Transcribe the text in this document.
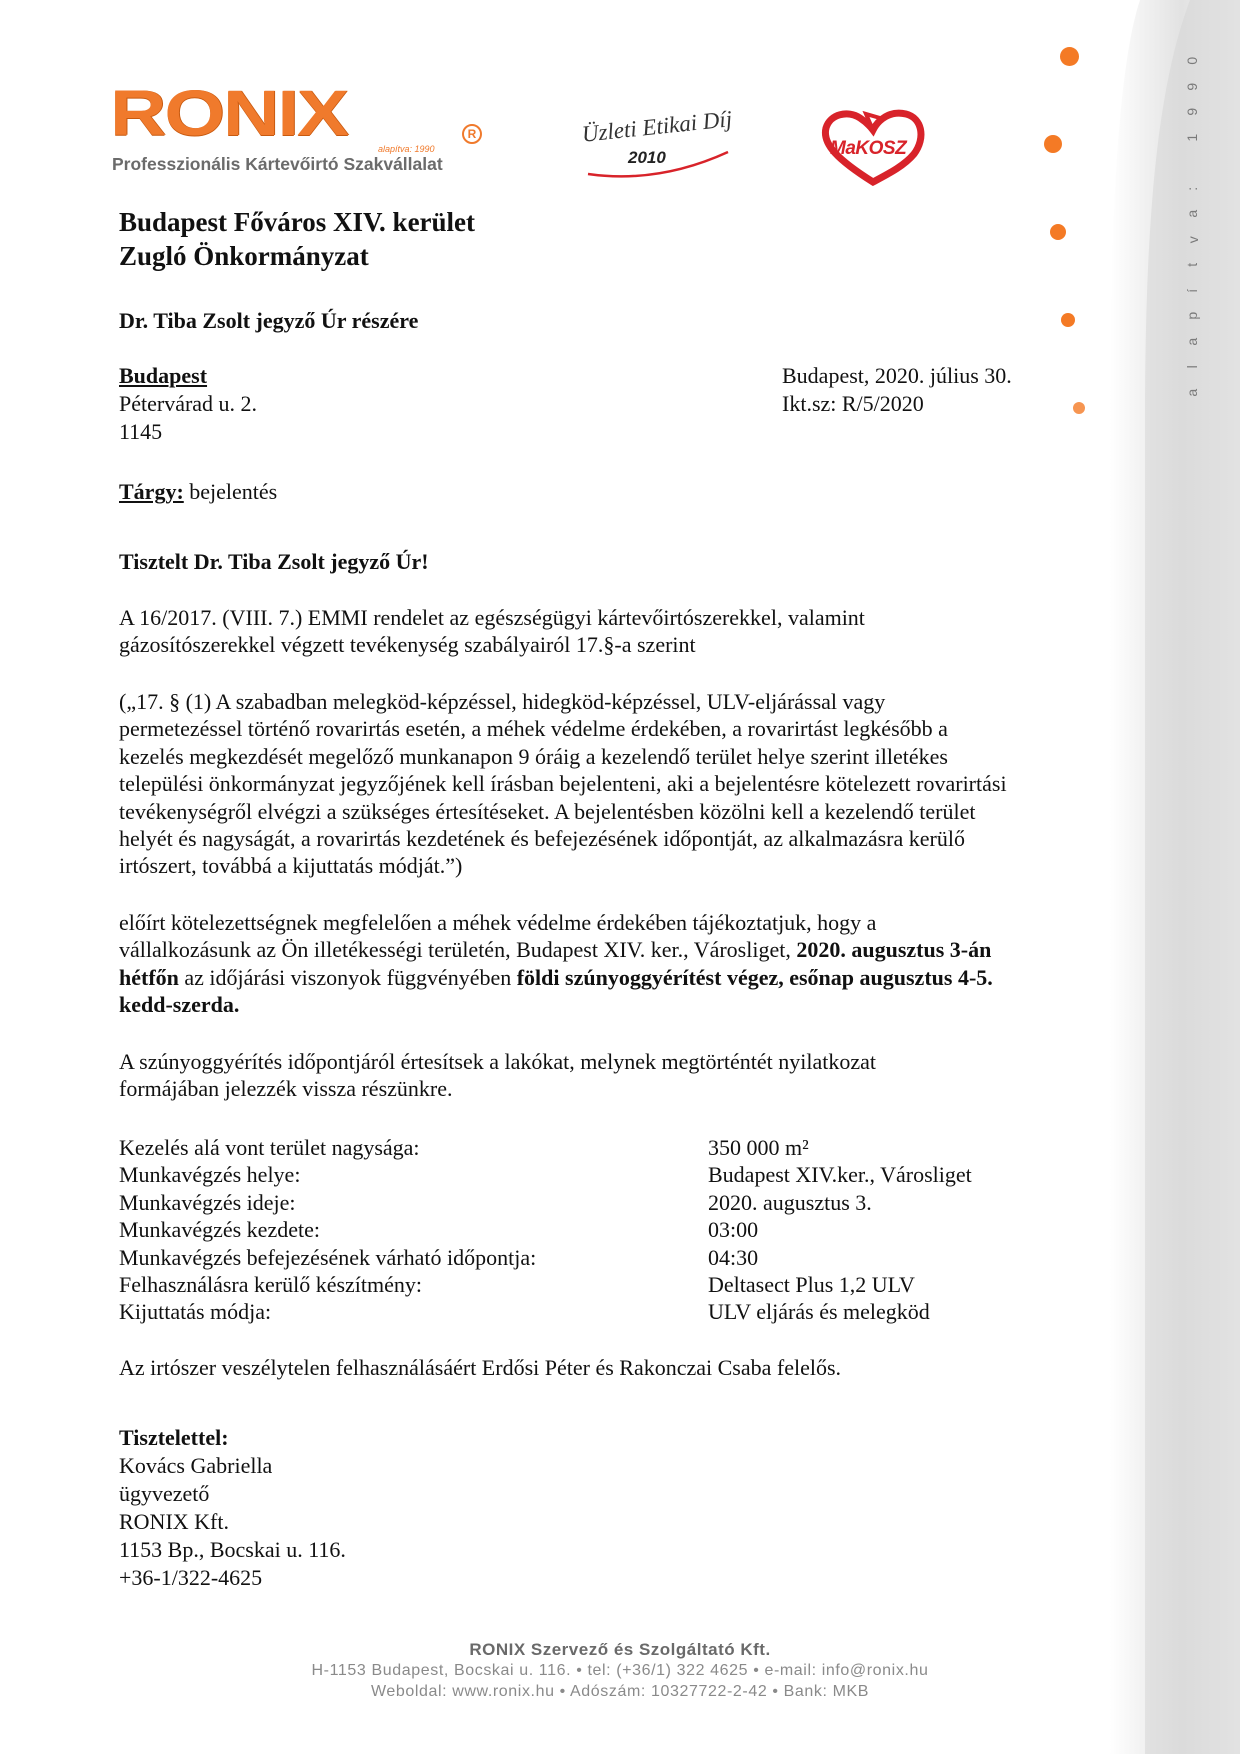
0
9
9
1

:
a
v
t
í
p
a
l
a
RONIX	R
alapítva: 1990
Professzionális Kártevőirtó Szakvállalat
Üzleti Etikai Díj
2010	MaKOSZ
Budapest Főváros XIV. kerület
Zugló Önkormányzat
Dr. Tiba Zsolt jegyző Úr részére
Budapest
Pétervárad u. 2.
1145
Budapest, 2020. július 30.
Ikt.sz: R/5/2020
Tárgy: bejelentés
Tisztelt Dr. Tiba Zsolt jegyző Úr!
A 16/2017. (VIII. 7.) EMMI rendelet az egészségügyi kártevőirtószerekkel, valamint
gázosítószerekkel végzett tevékenység szabályairól 17.§-a szerint
(„17. § (1) A szabadban melegköd-képzéssel, hidegköd-képzéssel, ULV-eljárással vagy
permetezéssel történő rovarirtás esetén, a méhek védelme érdekében, a rovarirtást legkésőbb a
kezelés megkezdését megelőző munkanapon 9 óráig a kezelendő terület helye szerint illetékes
települési önkormányzat jegyzőjének kell írásban bejelenteni, aki a bejelentésre kötelezett rovarirtási
tevékenységről elvégzi a szükséges értesítéseket. A bejelentésben közölni kell a kezelendő terület
helyét és nagyságát, a rovarirtás kezdetének és befejezésének időpontját, az alkalmazásra kerülő
irtószert, továbbá a kijuttatás módját.”)
előírt kötelezettségnek megfelelően a méhek védelme érdekében tájékoztatjuk, hogy a
vállalkozásunk az Ön illetékességi területén, Budapest XIV. ker., Városliget, 2020. augusztus 3-án
hétfőn az időjárási viszonyok függvényében földi szúnyoggyérítést végez, esőnap augusztus 4-5.
kedd-szerda.
A szúnyoggyérítés időpontjáról értesítsek a lakókat, melynek megtörténtét nyilatkozat
formájában jelezzék vissza részünkre.
Kezelés alá vont terület nagysága:	350 000 m²
Munkavégzés helye:	Budapest XIV.ker., Városliget
Munkavégzés ideje:	2020. augusztus 3.
Munkavégzés kezdete:	03:00
Munkavégzés befejezésének várható időpontja:	04:30
Felhasználásra kerülő készítmény:	Deltasect Plus 1,2 ULV
Kijuttatás módja:	ULV eljárás és melegköd
Az irtószer veszélytelen felhasználásáért Erdősi Péter és Rakonczai Csaba felelős.
Tisztelettel:
Kovács Gabriella
ügyvezető
RONIX Kft.
1153 Bp., Bocskai u. 116.
+36-1/322-4625
RONIX Szervező és Szolgáltató Kft.
H-1153 Budapest, Bocskai u. 116. • tel: (+36/1) 322 4625 • e-mail: info@ronix.hu
Weboldal: www.ronix.hu • Adószám: 10327722-2-42 • Bank: MKB
